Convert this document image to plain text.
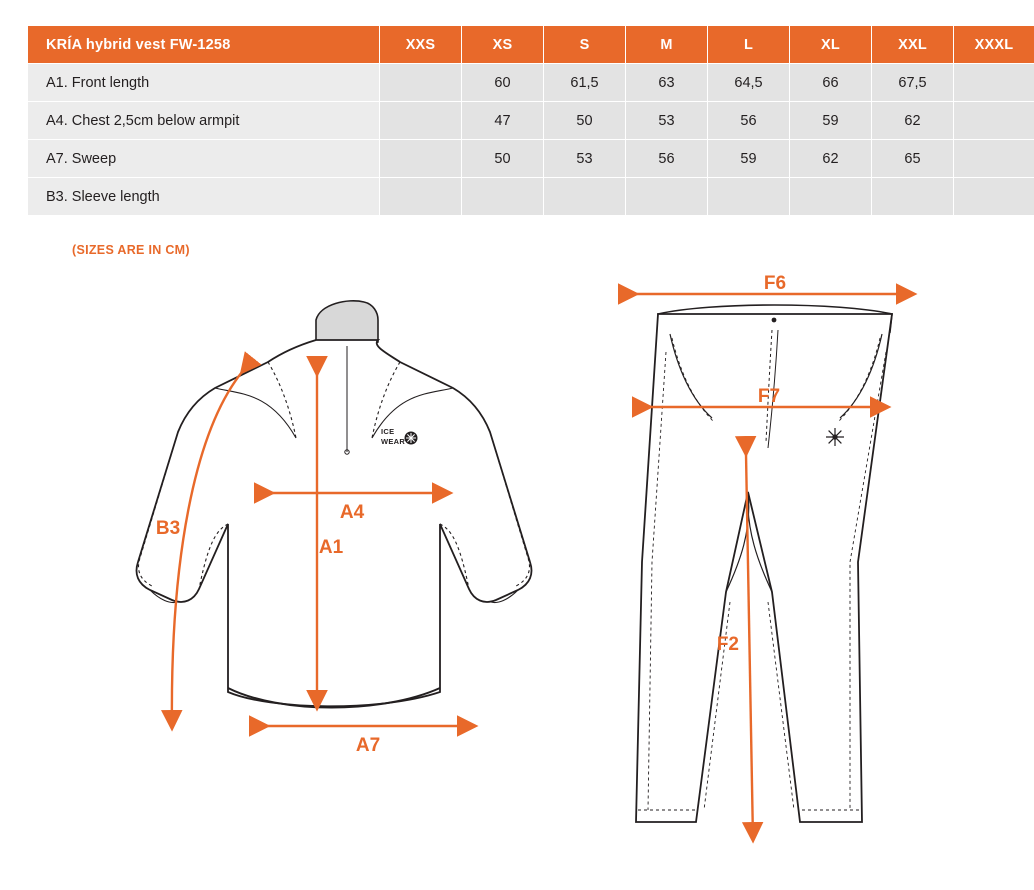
KRÍA hybrid vest FW-1258	XXS	XS	S	M	L	XL	XXL	XXXL
A1. Front length		60	61,5	63	64,5	66	67,5	
A4. Chest 2,5cm below armpit		47	50	53	56	59	62	
A7. Sweep		50	53	56	59	62	65	
B3. Sleeve length								
(SIZES ARE IN CM)
ICE
WEAR
A4
A1
A7
B3
F6
F7
F2
